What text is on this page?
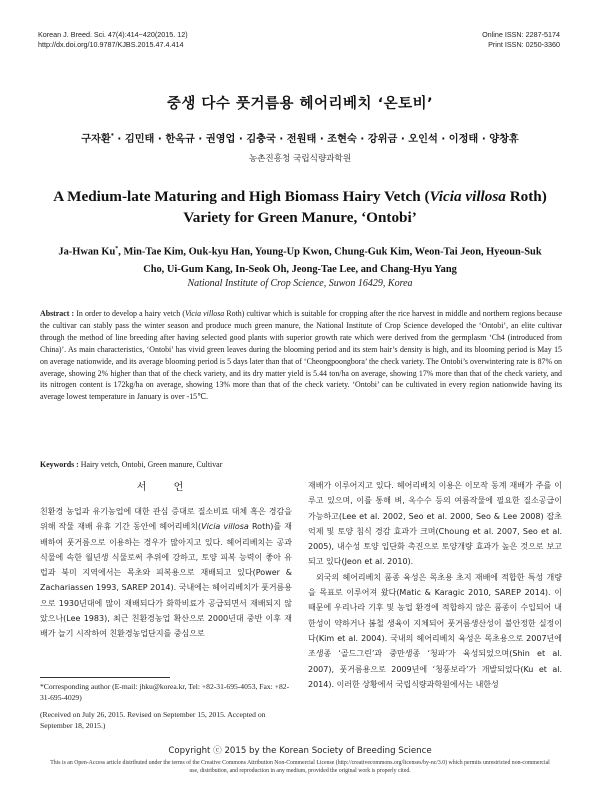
Korean J. Breed. Sci. 47(4):414~420(2015. 12)
http://dx.doi.org/10.9787/KJBS.2015.47.4.414
Online ISSN: 2287-5174
Print ISSN: 0250-3360
중생 다수 풋거름용 헤어리베치 ‘온토비’
구자환* · 김민태 · 한옥규 · 권영업 · 김충국 · 전원태 · 조현숙 · 강위금 · 오인석 · 이정태 · 양창휴
농촌진흥청 국립식량과학원
A Medium-late Maturing and High Biomass Hairy Vetch (Vicia villosa Roth)
Variety for Green Manure, ‘Ontobi’
Ja-Hwan Ku*, Min-Tae Kim, Ouk-kyu Han, Young-Up Kwon, Chung-Guk Kim, Weon-Tai Jeon, Hyeoun-Suk
Cho, Ui-Gum Kang, In-Seok Oh, Jeong-Tae Lee, and Chang-Hyu Yang
National Institute of Crop Science, Suwon 16429, Korea
Abstract : In order to develop a hairy vetch (Vicia villosa Roth) cultivar which is suitable for cropping after the rice harvest in middle and northern regions because the cultivar can stably pass the winter season and produce much green manure, the National Institute of Crop Science developed the ‘Ontobi’, an elite cultivar through the method of line breeding after having selected good plants with superior growth rate which were derived from the germplasm ‘Ch4 (introduced from China)’. As main characteristics, ‘Ontobi’ has vivid green leaves during the blooming period and its stem hair’s density is high, and its blooming period is May 15 on average nationwide, and its average blooming period is 5 days later than that of ‘Cheongpoongbora’ the check variety. The Ontobi’s overwintering rate is 87% on average, showing 2% higher than that of the check variety, and its dry matter yield is 5.44 ton/ha on average, showing 17% more than that of the check variety, and its nitrogen content is 172kg/ha on average, showing 13% more than that of the check variety. ‘Ontobi’ can be cultivated in every region nationwide having its average lowest temperature in January is over -15℃.
Keywords : Hairy vetch, Ontobi, Green manure, Cultivar
서 언
친환경 농업과 유기농업에 대한 관심 증대로 질소비료 대체 혹은 경감을 위해 작물 재배 유휴 기간 동안에 헤어리베치(Vicia villosa Roth)를 재배하여 풋거름으로 이용하는 경우가 많아지고 있다. 헤어리베치는 공과식물에 속한 월년생 식물로써 추위에 강하고, 토양 피복 능력이 좋아 유럽과 북미 지역에서는 목초와 피복용으로 재배되고 있다(Power & Zachariassen 1993, SAREP 2014). 국내에는 헤어리베치가 풋거름용으로 1930년대에 많이 재배되다가 화학비료가 공급되면서 재배되지 않았으나(Lee 1983), 최근 친환경농업 확산으로 2000년대 중반 이후 재배가 늘기 시작하여 친환경농업단지를 중심으로
재배가 이루어지고 있다. 헤어리베치 이용은 이모작 동계 재배가 주를 이루고 있으며, 이를 통해 벼, 옥수수 등의 여름작물에 필요한 질소공급이 가능하고(Lee et al. 2002, Seo et al. 2000, Seo & Lee 2008) 잡초억제 및 토양 침식 경감 효과가 크며(Choung et al. 2007, Seo et al. 2005), 내수성 토양 입단화 촉진으로 토양개량 효과가 높은 것으로 보고되고 있다(Jeon et al. 2010).
외국의 헤어리베치 품종 육성은 목초용 초지 재배에 적합한 특성 개량을 목표로 이루어져 왔다(Matic & Karagic 2010, SAREP 2014). 이 때문에 우리나라 기후 및 농업 환경에 적합하지 않은 품종이 수입되어 내한성이 약하거나 봄철 생육이 지체되어 풋거름생산성이 불안정한 실정이다(Kim et al. 2004). 국내의 헤어리베치 육성은 목초용으로 2007년에 조생종 ‘골드그린’과 중만생종 ‘청파’가 육성되었으며(Shin et al. 2007), 풋거름용으로 2009년에 ‘청풍보라’가 개발되었다(Ku et al. 2014). 이러한 상황에서 국립식량과학원에서는 내한성
*Corresponding author (E-mail: jhku@korea.kr, Tel: +82-31-695-4053, Fax: +82-31-695-4029)
(Received on July 26, 2015. Revised on September 15, 2015. Accepted on September 18, 2015.)
Copyright ⓒ 2015 by the Korean Society of Breeding Science
This is an Open-Access article distributed under the terms of the Creative Commons Attribution Non-Commercial License (http://creativecommons.org/licenses/by-nc/3.0) which permits unrestricted non-commercial use, distribution, and reproduction in any medium, provided the original work is properly cited.
